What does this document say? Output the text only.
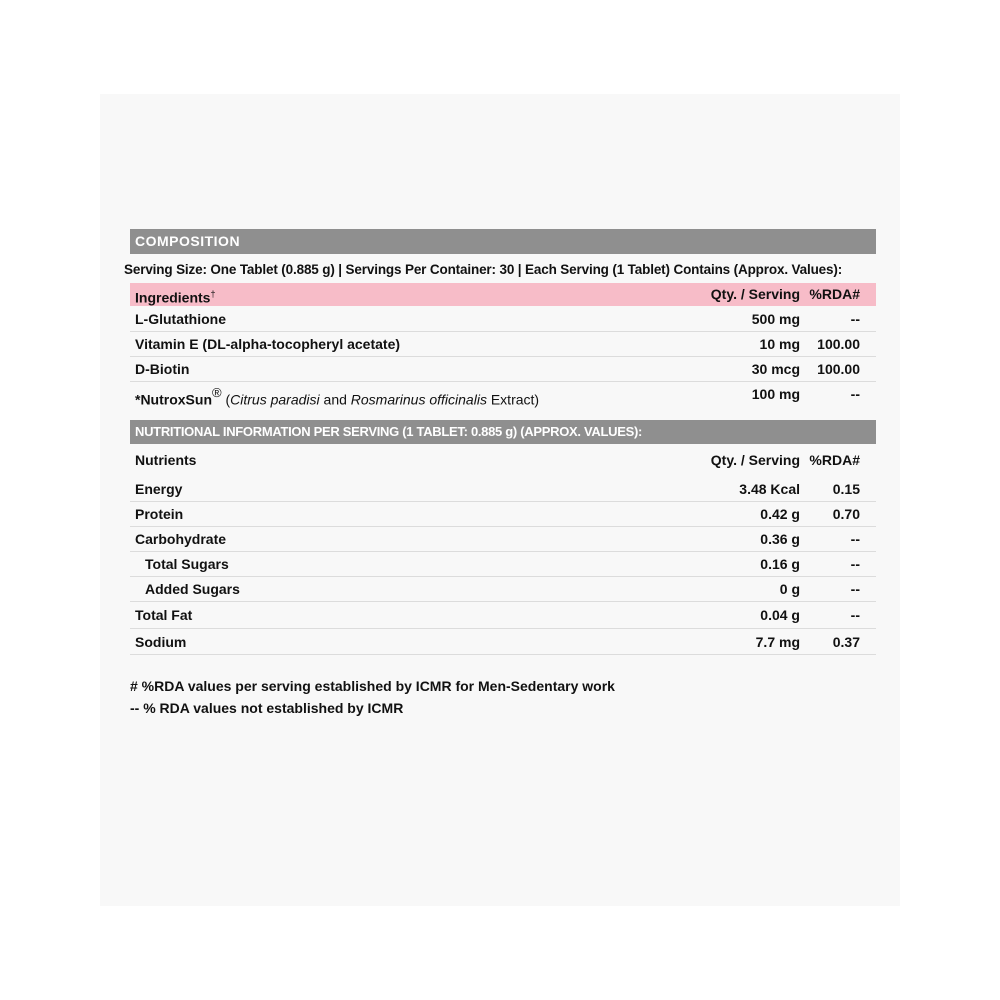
COMPOSITION
Serving Size: One Tablet (0.885 g) | Servings Per Container: 30 | Each Serving (1 Tablet) Contains (Approx. Values):
Ingredients†	Qty. / Serving %RDA#
L-Glutathione	500 mg	--
Vitamin E (DL-alpha-tocopheryl acetate)	10 mg 100.00
D-Biotin	30 mcg 100.00
*NutroxSun® (Citrus paradisi and Rosmarinus officinalis Extract)	100 mg	--
NUTRITIONAL INFORMATION PER SERVING (1 TABLET: 0.885 g) (APPROX. VALUES):
Nutrients	Qty. / Serving %RDA#
Energy	3.48 Kcal 0.15
Protein	0.42 g 0.70
Carbohydrate	0.36 g	--
Total Sugars	0.16 g	--
Added Sugars	0 g	--
Total Fat	0.04 g	--
Sodium	7.7 mg 0.37
# %RDA values per serving established by ICMR for Men-Sedentary work
-- % RDA values not established by ICMR
